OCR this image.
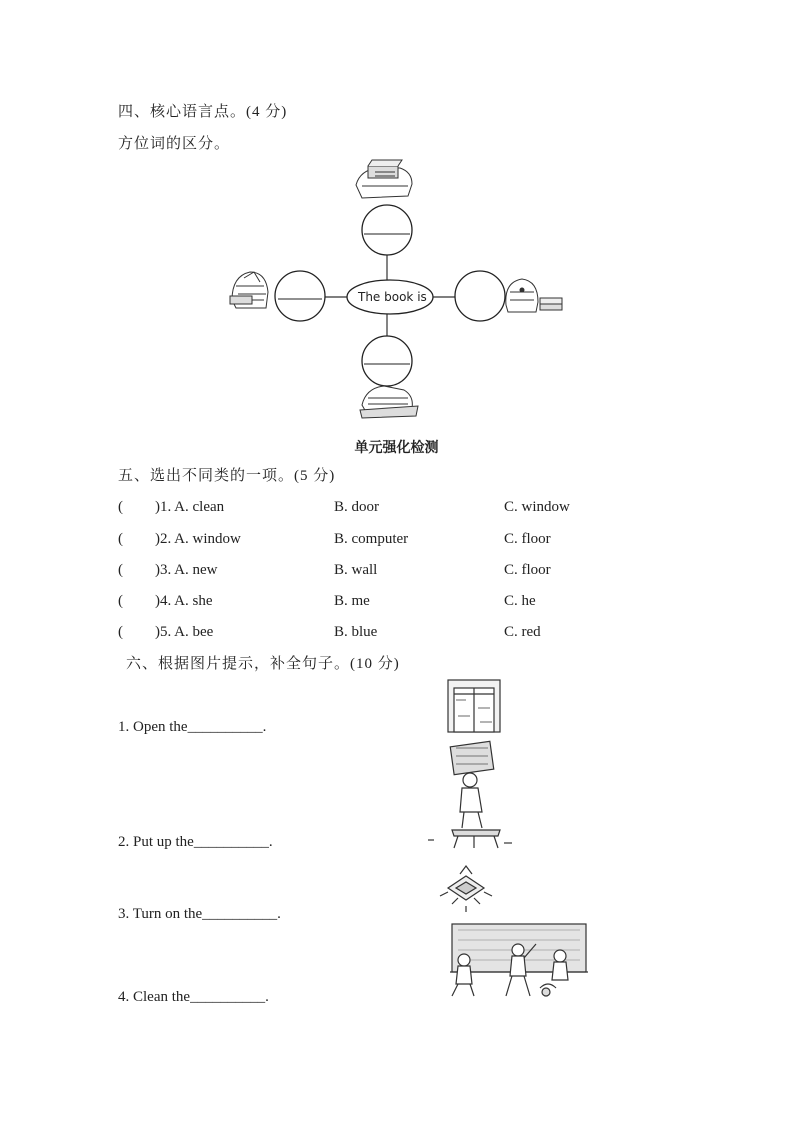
四、核心语言点。(4 分)
方位词的区分。
The book is
单元强化检测
五、选出不同类的一项。(5 分)
( )1. A. clean	B. door	C. window
( )2. A. window	B. computer	C. floor
( )3. A. new	B. wall	C. floor
( )4. A. she	B. me	C. he
( )5. A. bee	B. blue	C. red
六、根据图片提示，补全句子。(10 分)
1. Open the__________.
2. Put up the__________.
3. Turn on the__________.
4. Clean the__________.
